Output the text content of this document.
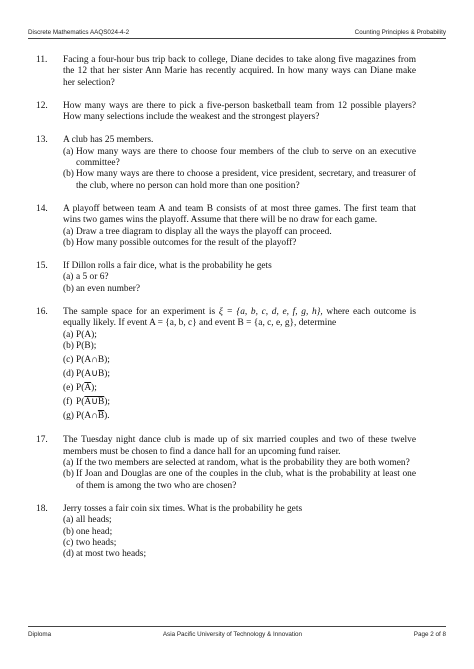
Discrete Mathematics AAQS024-4-2	Counting Principles & Probability
11.	Facing a four-hour bus trip back to college, Diane decides to take along five magazines from the 12 that her sister Ann Marie has recently acquired. In how many ways can Diane make her selection?

12.	How many ways are there to pick a five-person basketball team from 12 possible players? How many selections include the weakest and the strongest players?

13.	A club has 25 members.

(a) How many ways are there to choose four members of the club to serve on an executive committee?
(b) How many ways are there to choose a president, vice president, secretary, and treasurer of the club, where no person can hold more than one position?
14.	A playoff between team A and team B consists of at most three games. The first team that wins two games wins the playoff. Assume that there will be no draw for each game.

(a) Draw a tree diagram to display all the ways the playoff can proceed.
(b) How many possible outcomes for the result of the playoff?
15.	If Dillon rolls a fair dice, what is the probability he gets

(a) a 5 or 6?
(b) an even number?
16.	The sample space for an experiment is ξ = {a, b, c, d, e, f, g, h}, where each outcome is equally likely. If event A = {a, b, c} and event B = {a, c, e, g}, determine

(a) P(A);
(b) P(B);
(c) P(A∩B);
(d) P(A∪B);
(e) $P(\overline{A})$;
(f) P(A∪B);
(g) $P(A\cap\overline{B})$.
17.	The Tuesday night dance club is made up of six married couples and two of these twelve members must be chosen to find a dance hall for an upcoming fund raiser.

(a) If the two members are selected at random, what is the probability they are both women?
(b) If Joan and Douglas are one of the couples in the club, what is the probability at least one of them is among the two who are chosen?
18.	Jerry tosses a fair coin six times. What is the probability he gets

(a) all heads;
(b) one head;
(c) two heads;
(d) at most two heads;
Diploma	Asia Pacific University of Technology & Innovation	Page 2 of 8
